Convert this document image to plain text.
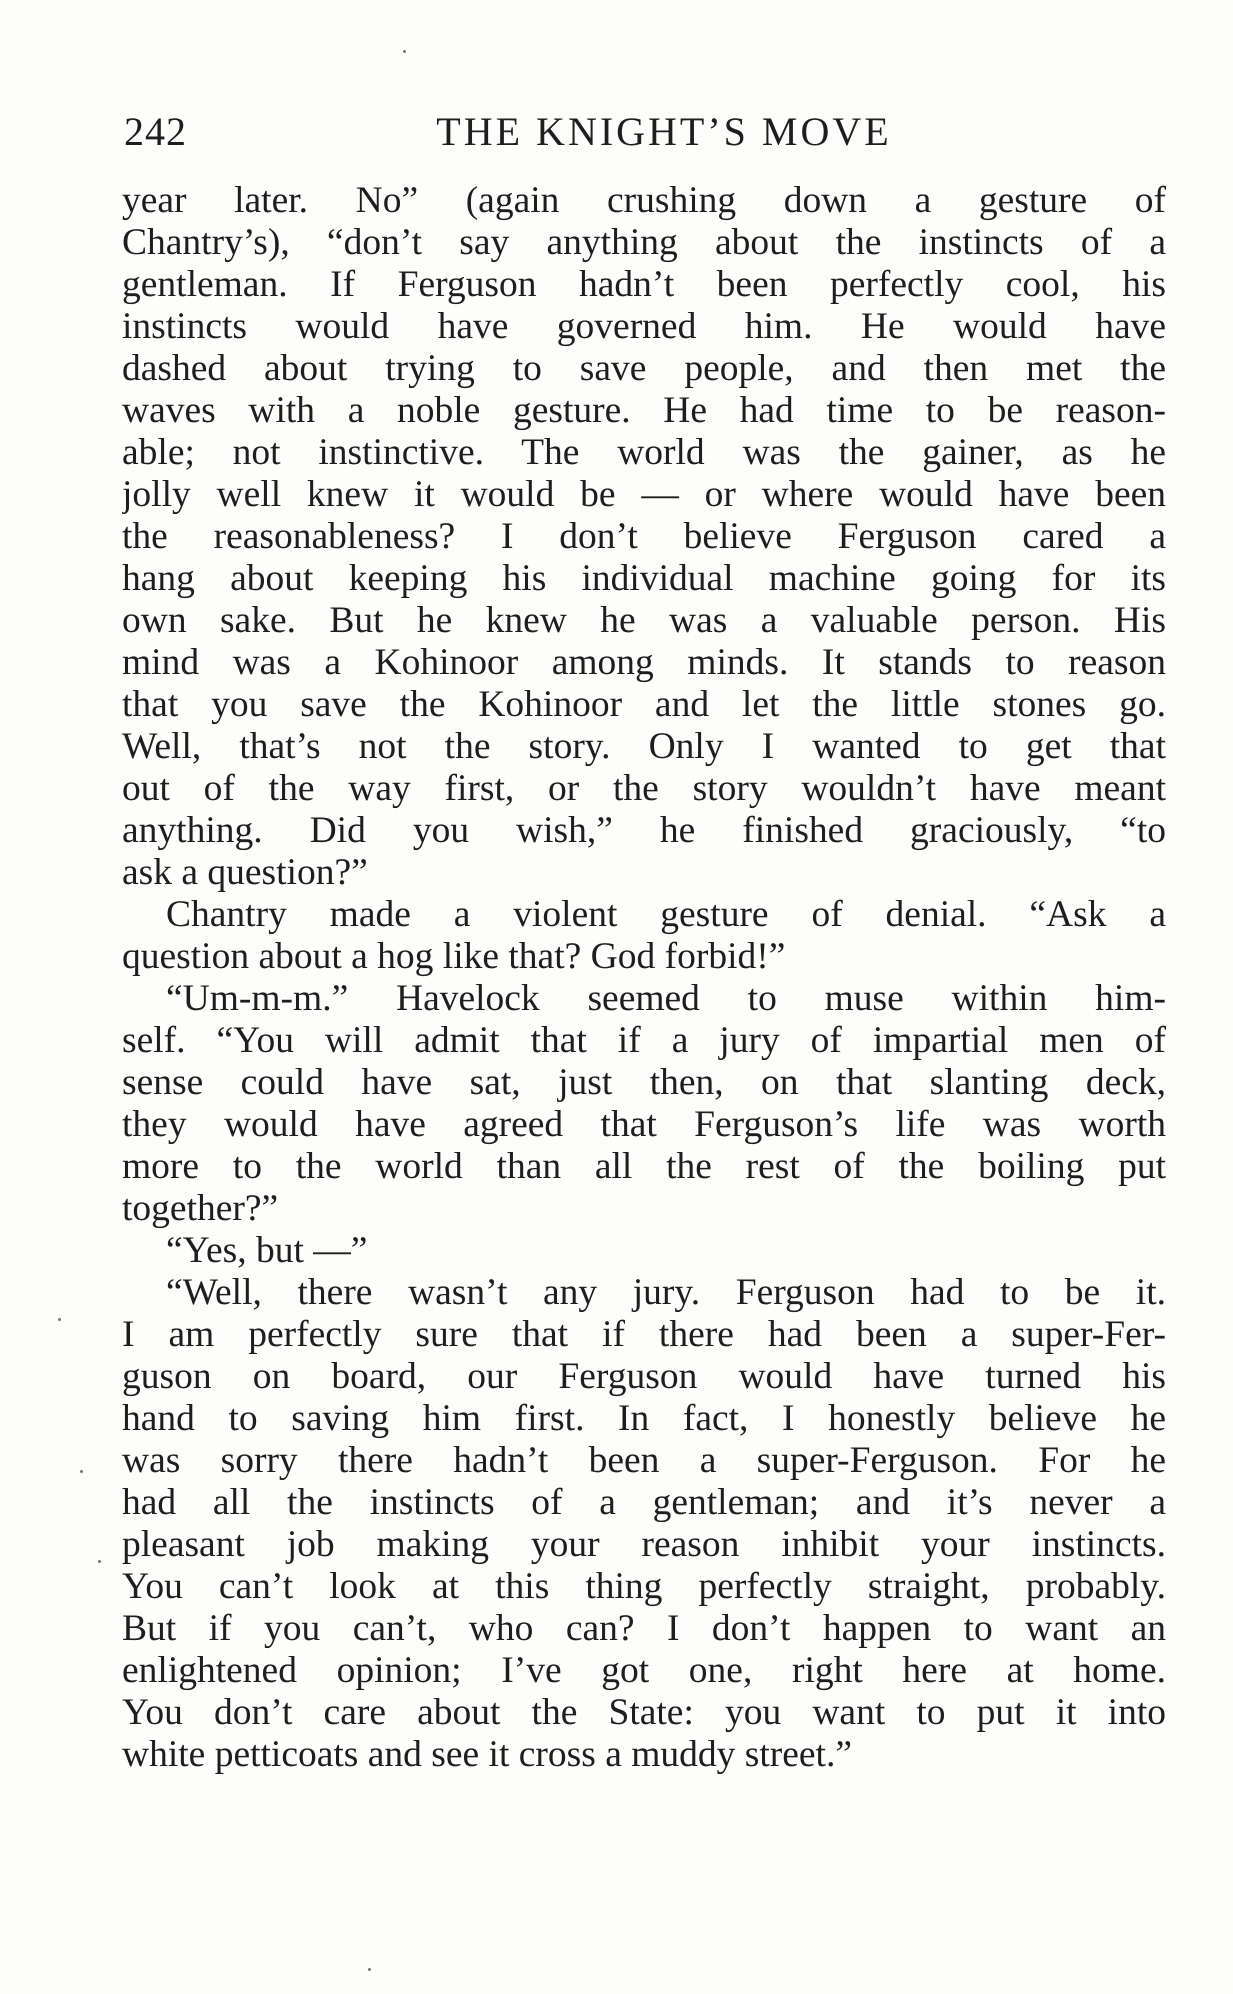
242	THE KNIGHT’S MOVE
year later. No” (again crushing down a gesture of
Chantry’s), “don’t say anything about the instincts of a
gentleman. If Ferguson hadn’t been perfectly cool, his
instincts would have governed him. He would have
dashed about trying to save people, and then met the
waves with a noble gesture. He had time to be reason-
able; not instinctive. The world was the gainer, as he
jolly well knew it would be — or where would have been
the reasonableness? I don’t believe Ferguson cared a
hang about keeping his individual machine going for its
own sake. But he knew he was a valuable person. His
mind was a Kohinoor among minds. It stands to reason
that you save the Kohinoor and let the little stones go.
Well, that’s not the story. Only I wanted to get that
out of the way first, or the story wouldn’t have meant
anything. Did you wish,” he finished graciously, “to
ask a question?”
Chantry made a violent gesture of denial. “Ask a
question about a hog like that? God forbid!”
“Um-m-m.” Havelock seemed to muse within him-
self. “You will admit that if a jury of impartial men of
sense could have sat, just then, on that slanting deck,
they would have agreed that Ferguson’s life was worth
more to the world than all the rest of the boiling put
together?”
“Yes, but —”
“Well, there wasn’t any jury. Ferguson had to be it.
I am perfectly sure that if there had been a super-Fer-
guson on board, our Ferguson would have turned his
hand to saving him first. In fact, I honestly believe he
was sorry there hadn’t been a super-Ferguson. For he
had all the instincts of a gentleman; and it’s never a
pleasant job making your reason inhibit your instincts.
You can’t look at this thing perfectly straight, probably.
But if you can’t, who can? I don’t happen to want an
enlightened opinion; I’ve got one, right here at home.
You don’t care about the State: you want to put it into
white petticoats and see it cross a muddy street.”
